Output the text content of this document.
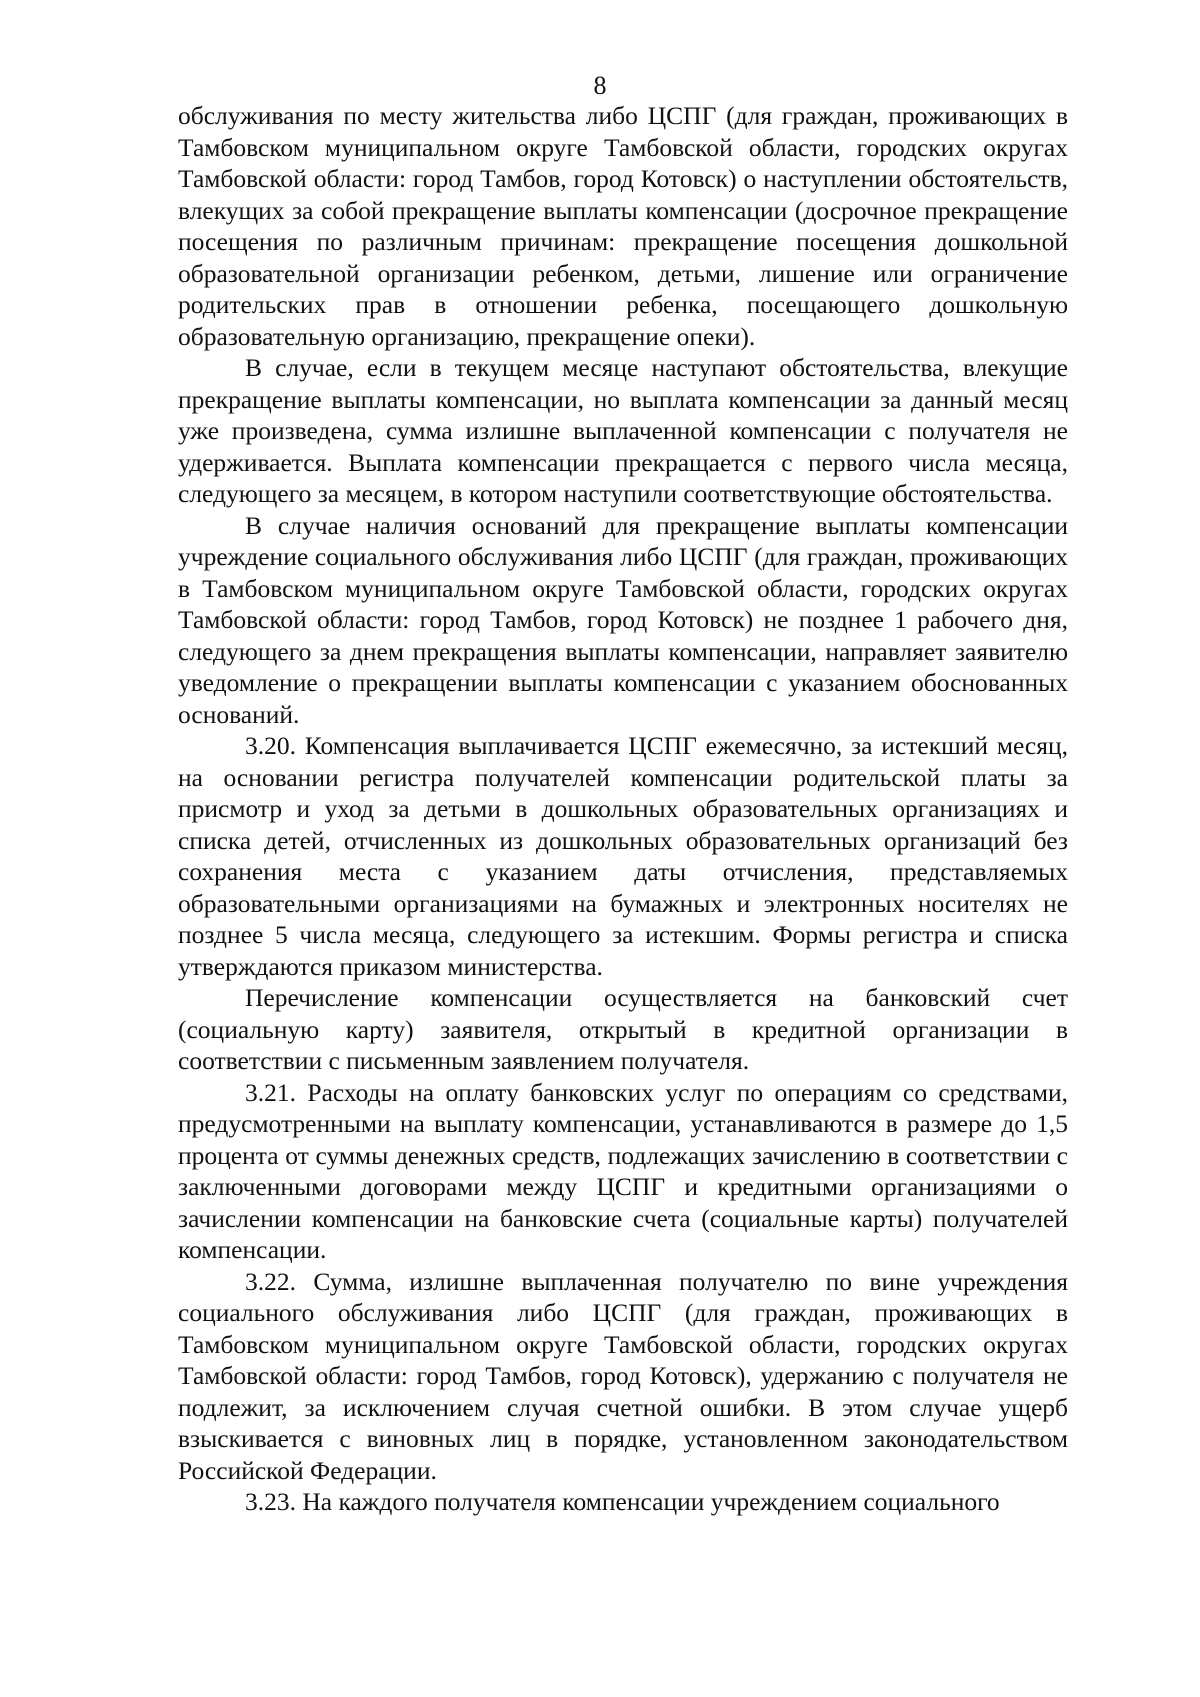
8

обслуживания по месту жительства либо ЦСПГ (для граждан, проживающих в Тамбовском муниципальном округе Тамбовской области, городских округах Тамбовской области: город Тамбов, город Котовск) о наступлении обстоятельств, влекущих за собой прекращение выплаты компенсации (досрочное прекращение посещения по различным причинам: прекращение посещения дошкольной образовательной организации ребенком, детьми, лишение или ограничение родительских прав в отношении ребенка, посещающего дошкольную образовательную организацию, прекращение опеки).

В случае, если в текущем месяце наступают обстоятельства, влекущие прекращение выплаты компенсации, но выплата компенсации за данный месяц уже произведена, сумма излишне выплаченной компенсации с получателя не удерживается. Выплата компенсации прекращается с первого числа месяца, следующего за месяцем, в котором наступили соответствующие обстоятельства.

В случае наличия оснований для прекращение выплаты компенсации учреждение социального обслуживания либо ЦСПГ (для граждан, проживающих в Тамбовском муниципальном округе Тамбовской области, городских округах Тамбовской области: город Тамбов, город Котовск) не позднее 1 рабочего дня, следующего за днем прекращения выплаты компенсации, направляет заявителю уведомление о прекращении выплаты компенсации с указанием обоснованных оснований.

3.20. Компенсация выплачивается ЦСПГ ежемесячно, за истекший месяц, на основании регистра получателей компенсации родительской платы за присмотр и уход за детьми в дошкольных образовательных организациях и списка детей, отчисленных из дошкольных образовательных организаций без сохранения места с указанием даты отчисления, представляемых образовательными организациями на бумажных и электронных носителях не позднее 5 числа месяца, следующего за истекшим. Формы регистра и списка утверждаются приказом министерства.

Перечисление компенсации осуществляется на банковский счет (социальную карту) заявителя, открытый в кредитной организации в соответствии с письменным заявлением получателя.

3.21. Расходы на оплату банковских услуг по операциям со средствами, предусмотренными на выплату компенсации, устанавливаются в размере до 1,5 процента от суммы денежных средств, подлежащих зачислению в соответствии с заключенными договорами между ЦСПГ и кредитными организациями о зачислении компенсации на банковские счета (социальные карты) получателей компенсации.

3.22. Сумма, излишне выплаченная получателю по вине учреждения социального обслуживания либо ЦСПГ (для граждан, проживающих в Тамбовском муниципальном округе Тамбовской области, городских округах Тамбовской области: город Тамбов, город Котовск), удержанию с получателя не подлежит, за исключением случая счетной ошибки. В этом случае ущерб взыскивается с виновных лиц в порядке, установленном законодательством Российской Федерации.

3.23. На каждого получателя компенсации учреждением социального
